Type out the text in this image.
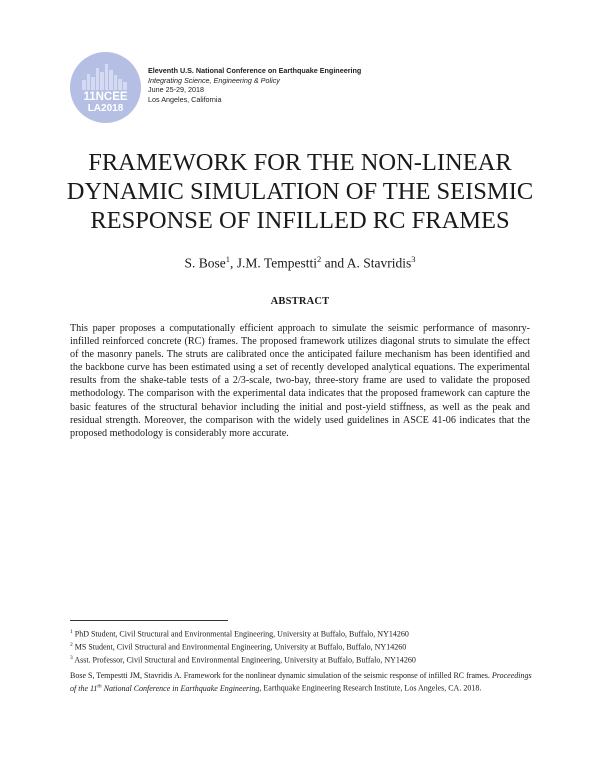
11NCEE
LA2018
Eleventh U.S. National Conference on Earthquake Engineering
Integrating Science, Engineering & Policy
June 25-29, 2018
Los Angeles, California
FRAMEWORK FOR THE NON-LINEAR
DYNAMIC SIMULATION OF THE SEISMIC
RESPONSE OF INFILLED RC FRAMES
S. Bose$^1$, J.M. Tempestti$^2$ and A. Stavridis$^3$
ABSTRACT

This paper proposes a computationally efficient approach to simulate the seismic performance of masonry-infilled reinforced concrete (RC) frames. The proposed framework utilizes diagonal struts to simulate the effect of the masonry panels. The struts are calibrated once the anticipated failure mechanism has been identified and the backbone curve has been estimated using a set of recently developed analytical equations. The experimental results from the shake-table tests of a 2/3-scale, two-bay, three-story frame are used to validate the proposed methodology. The comparison with the experimental data indicates that the proposed framework can capture the basic features of the structural behavior including the initial and post-yield stiffness, as well as the peak and residual strength. Moreover, the comparison with the widely used guidelines in ASCE 41-06 indicates that the proposed methodology is considerably more accurate.

$^1$ PhD Student, Civil Structural and Environmental Engineering, University at Buffalo, Buffalo, NY14260
$^2$ MS Student, Civil Structural and Environmental Engineering, University at Buffalo, Buffalo, NY14260
$^3$ Asst. Professor, Civil Structural and Environmental Engineering, University at Buffalo, Buffalo, NY14260
Bose S, Tempestti JM, Stavridis A. Framework for the nonlinear dynamic simulation of the seismic response of infilled RC frames. Proceedings of the 11th National Conference in Earthquake Engineering, Earthquake Engineering Research Institute, Los Angeles, CA. 2018.
